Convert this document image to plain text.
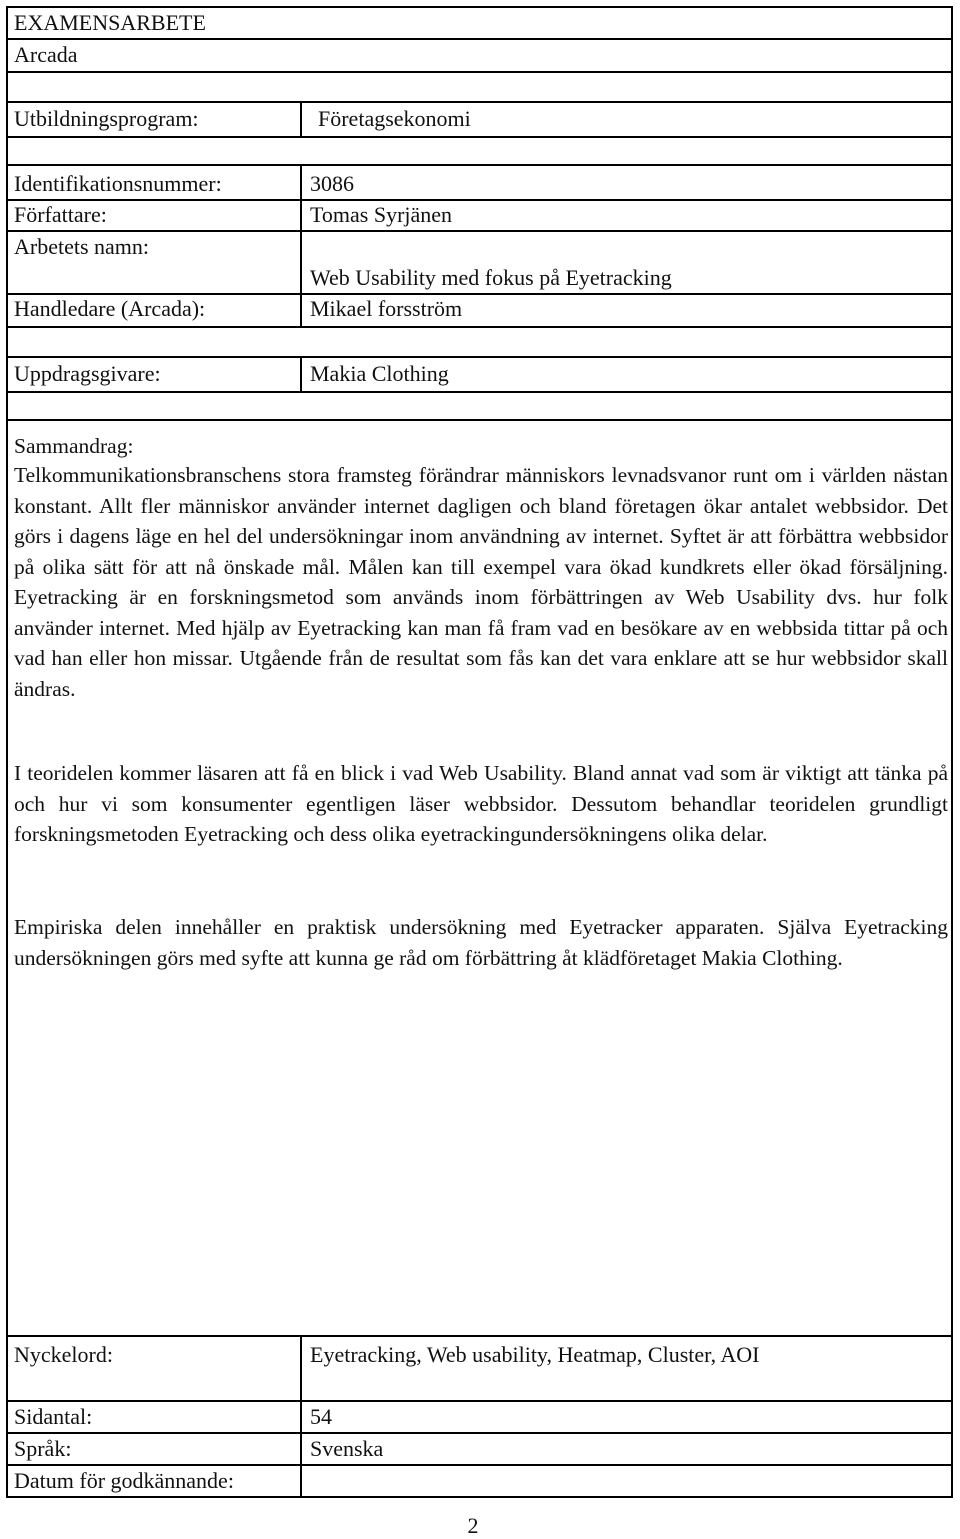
EXAMENSARBETE
Arcada
Utbildningsprogram:	Företagsekonomi
Identifikationsnummer:	3086
Författare:	Tomas Syrjänen
Arbetets namn:
Web Usability med fokus på Eyetracking
Handledare (Arcada):	Mikael forsström
Uppdragsgivare:	Makia Clothing
Sammandrag:
Telkommunikationsbranschens stora framsteg förändrar människors levnadsvanor runt om i världen nästan konstant. Allt fler människor använder internet dagligen och bland företagen ökar antalet webbsidor. Det görs i dagens läge en hel del undersökningar inom användning av internet. Syftet är att förbättra webbsidor på olika sätt för att nå önskade mål. Målen kan till exempel vara ökad kundkrets eller ökad försäljning. Eyetracking är en forskningsmetod som används inom förbättringen av Web Usability dvs. hur folk använder internet. Med hjälp av Eyetracking kan man få fram vad en besökare av en webbsida tittar på och vad han eller hon missar. Utgående från de resultat som fås kan det vara enklare att se hur webbsidor skall ändras.
I teoridelen kommer läsaren att få en blick i vad Web Usability. Bland annat vad som är viktigt att tänka på och hur vi som konsumenter egentligen läser webbsidor. Dessutom behandlar teoridelen grundligt forskningsmetoden Eyetracking och dess olika eyetrackingundersökningens olika delar.
Empiriska delen innehåller en praktisk undersökning med Eyetracker apparaten. Själva Eyetracking undersökningen görs med syfte att kunna ge råd om förbättring åt klädföretaget Makia Clothing.
Nyckelord:	Eyetracking, Web usability, Heatmap, Cluster, AOI
Sidantal:	54
Språk:	Svenska
Datum för godkännande:
2
